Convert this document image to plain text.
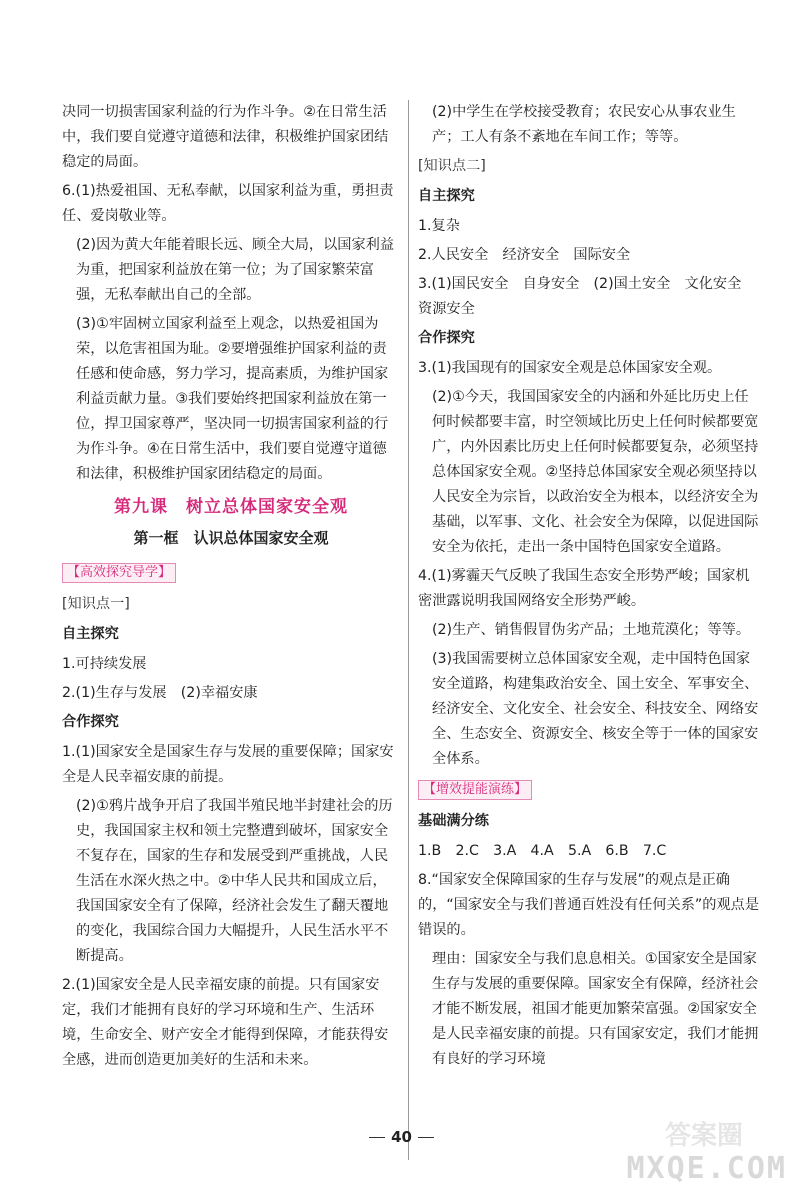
决同一切损害国家利益的行为作斗争。②在日常生活中，我们要自觉遵守道德和法律，积极维护国家团结稳定的局面。

6.(1)热爱祖国、无私奉献，以国家利益为重，勇担责任、爱岗敬业等。

(2)因为黄大年能着眼长远、顾全大局，以国家利益为重，把国家利益放在第一位；为了国家繁荣富强，无私奉献出自己的全部。

(3)①牢固树立国家利益至上观念，以热爱祖国为荣，以危害祖国为耻。②要增强维护国家利益的责任感和使命感，努力学习，提高素质，为维护国家利益贡献力量。③我们要始终把国家利益放在第一位，捍卫国家尊严，坚决同一切损害国家利益的行为作斗争。④在日常生活中，我们要自觉遵守道德和法律，积极维护国家团结稳定的局面。

第九课　树立总体国家安全观
第一框　认识总体国家安全观
【高效探究导学】
[知识点一]
自主探究

1.可持续发展

2.(1)生存与发展　(2)幸福安康

合作探究

1.(1)国家安全是国家生存与发展的重要保障；国家安全是人民幸福安康的前提。

(2)①鸦片战争开启了我国半殖民地半封建社会的历史，我国国家主权和领土完整遭到破坏，国家安全不复存在，国家的生存和发展受到严重挑战，人民生活在水深火热之中。②中华人民共和国成立后，我国国家安全有了保障，经济社会发生了翻天覆地的变化，我国综合国力大幅提升，人民生活水平不断提高。

2.(1)国家安全是人民幸福安康的前提。只有国家安定，我们才能拥有良好的学习环境和生产、生活环境，生命安全、财产安全才能得到保障，才能获得安全感，进而创造更加美好的生活和未来。

(2)中学生在学校接受教育；农民安心从事农业生产；工人有条不紊地在车间工作；等等。

[知识点二]
自主探究

1.复杂

2.人民安全　经济安全　国际安全

3.(1)国民安全　自身安全　(2)国土安全　文化安全　资源安全

合作探究

3.(1)我国现有的国家安全观是总体国家安全观。

(2)①今天，我国国家安全的内涵和外延比历史上任何时候都要丰富，时空领域比历史上任何时候都要宽广，内外因素比历史上任何时候都要复杂，必须坚持总体国家安全观。②坚持总体国家安全观必须坚持以人民安全为宗旨，以政治安全为根本，以经济安全为基础，以军事、文化、社会安全为保障，以促进国际安全为依托，走出一条中国特色国家安全道路。

4.(1)雾霾天气反映了我国生态安全形势严峻；国家机密泄露说明我国网络安全形势严峻。

(2)生产、销售假冒伪劣产品；土地荒漠化；等等。

(3)我国需要树立总体国家安全观，走中国特色国家安全道路，构建集政治安全、国土安全、军事安全、经济安全、文化安全、社会安全、科技安全、网络安全、生态安全、资源安全、核安全等于一体的国家安全体系。

【增效提能演练】
基础满分练

1.B　2.C　3.A　4.A　5.A　6.B　7.C

8.“国家安全保障国家的生存与发展”的观点是正确的，“国家安全与我们普通百姓没有任何关系”的观点是错误的。

理由：国家安全与我们息息相关。①国家安全是国家生存与发展的重要保障。国家安全有保障，经济社会才能不断发展，祖国才能更加繁荣富强。②国家安全是人民幸福安康的前提。只有国家安定，我们才能拥有良好的学习环境

40	答案圈
MXQE.COM
